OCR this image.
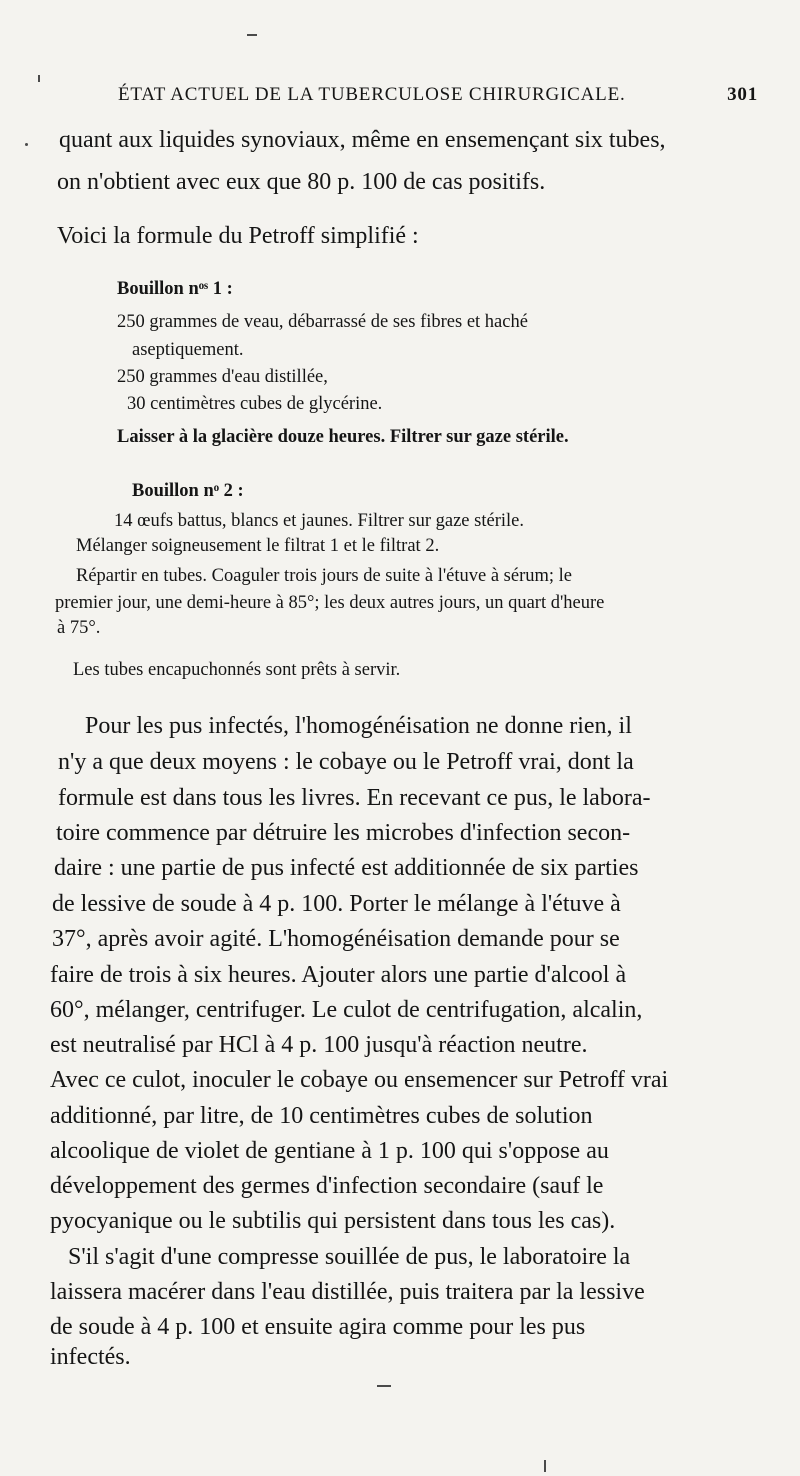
ÉTAT ACTUEL DE LA TUBERCULOSE CHIRURGICALE.	301
quant aux liquides synoviaux, même en ensemençant six tubes,
on n'obtient avec eux que 80 p. 100 de cas positifs.
Voici la formule du Petroff simplifié :
Bouillon nᵒˢ 1 :
250 grammes de veau, débarrassé de ses fibres et haché
aseptiquement.
250 grammes d'eau distillée,
30 centimètres cubes de glycérine.
Laisser à la glacière douze heures. Filtrer sur gaze stérile.
Bouillon nᵒ 2 :
14 œufs battus, blancs et jaunes. Filtrer sur gaze stérile.
Mélanger soigneusement le filtrat 1 et le filtrat 2.
Répartir en tubes. Coaguler trois jours de suite à l'étuve à sérum; le
premier jour, une demi-heure à 85°; les deux autres jours, un quart d'heure
à 75°.
Les tubes encapuchonnés sont prêts à servir.
Pour les pus infectés, l'homogénéisation ne donne rien, il
n'y a que deux moyens : le cobaye ou le Petroff vrai, dont la
formule est dans tous les livres. En recevant ce pus, le labora-
toire commence par détruire les microbes d'infection secon-
daire : une partie de pus infecté est additionnée de six parties
de lessive de soude à 4 p. 100. Porter le mélange à l'étuve à
37°, après avoir agité. L'homogénéisation demande pour se
faire de trois à six heures. Ajouter alors une partie d'alcool à
60°, mélanger, centrifuger. Le culot de centrifugation, alcalin,
est neutralisé par HCl à 4 p. 100 jusqu'à réaction neutre.
Avec ce culot, inoculer le cobaye ou ensemencer sur Petroff vrai
additionné, par litre, de 10 centimètres cubes de solution
alcoolique de violet de gentiane à 1 p. 100 qui s'oppose au
développement des germes d'infection secondaire (sauf le
pyocyanique ou le subtilis qui persistent dans tous les cas).
S'il s'agit d'une compresse souillée de pus, le laboratoire la
laissera macérer dans l'eau distillée, puis traitera par la lessive
de soude à 4 p. 100 et ensuite agira comme pour les pus
infectés.
